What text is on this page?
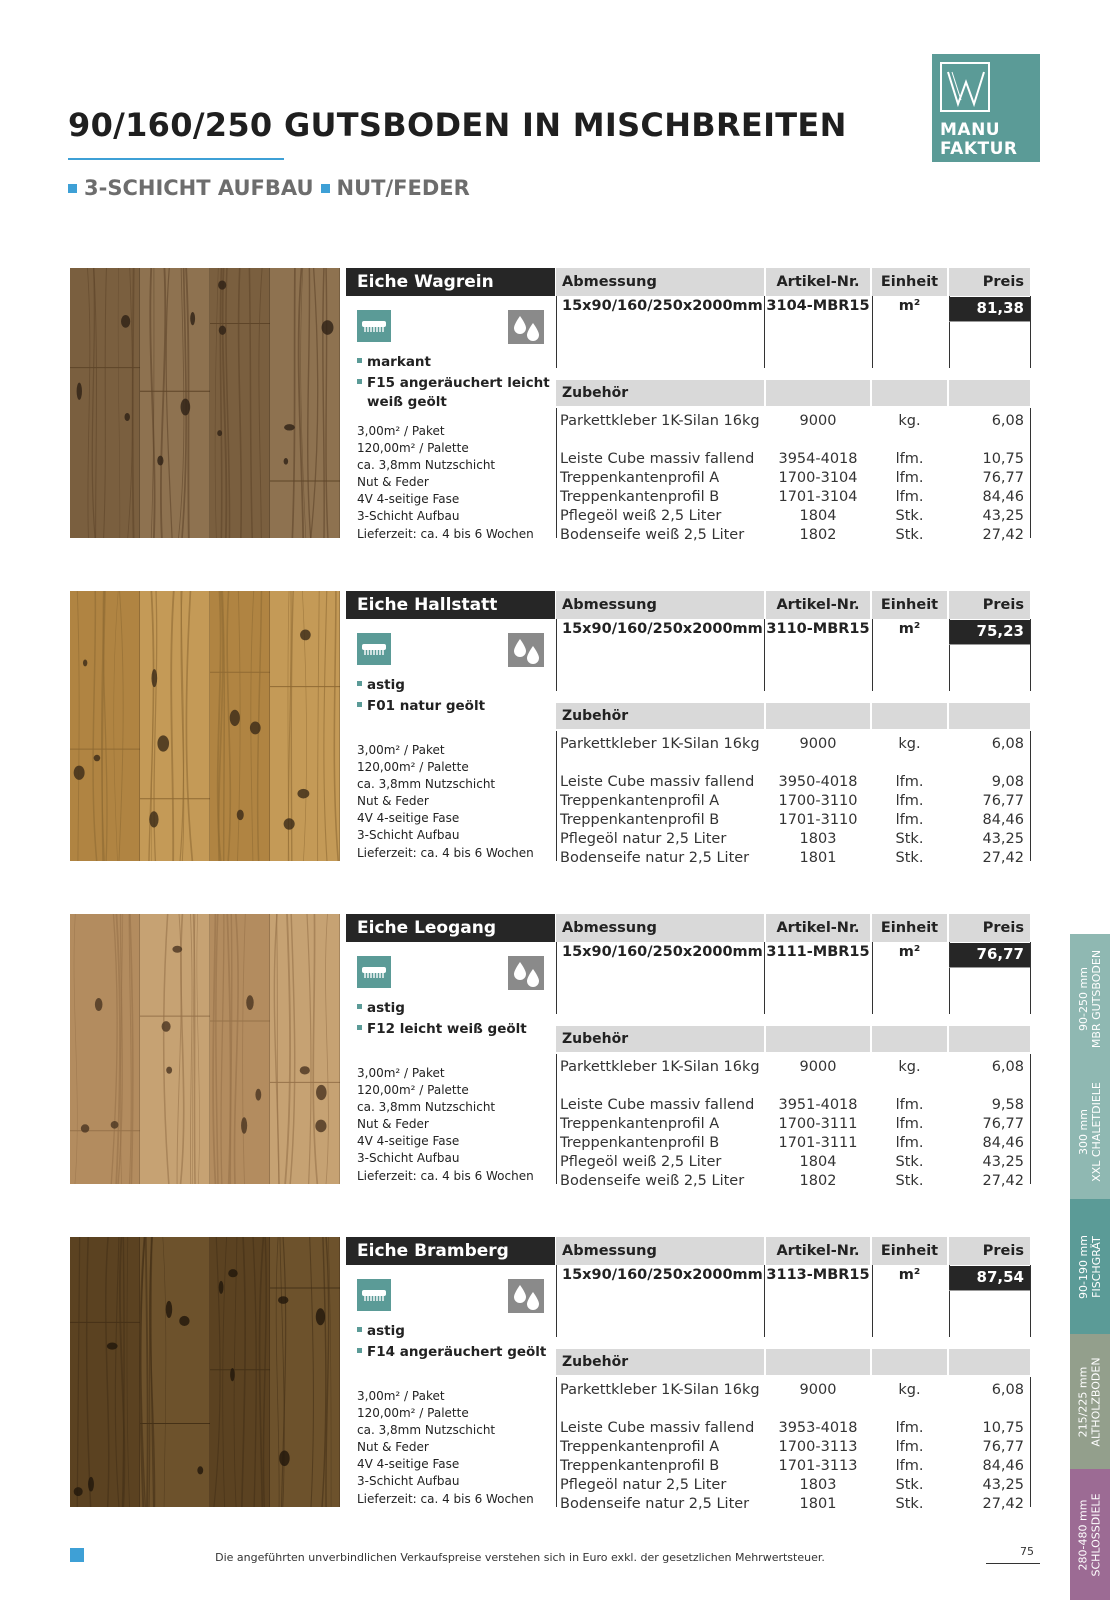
90/160/250 GUTSBODEN IN MISCHBREITEN
3-SCHICHT AUFBAU NUT/FEDER
MANU
FAKTUR
Eiche Wagrein
markant
F15 angeräuchert leicht
weiß geölt
3,00m² / Paket
120,00m² / Palette
ca. 3,8mm Nutzschicht
Nut & Feder
4V 4-seitige Fase
3-Schicht Aufbau
Lieferzeit: ca. 4 bis 6 Wochen
Abmessung	Artikel-Nr.	Einheit	Preis
15x90/160/250x2000mm 3104-MBR15	m²	81,38
Zubehör
Parkettkleber 1K-Silan 16kg	9000	kg.	6,08
Leiste Cube massiv fallend	3954-4018	lfm.	10,75
Treppenkantenprofil A	1700-3104	lfm.	76,77
Treppenkantenprofil B	1701-3104	lfm.	84,46
Pflegeöl weiß 2,5 Liter	1804	Stk.	43,25
Bodenseife weiß 2,5 Liter	1802	Stk.	27,42
Eiche Hallstatt
astig
F01 natur geölt
3,00m² / Paket
120,00m² / Palette
ca. 3,8mm Nutzschicht
Nut & Feder
4V 4-seitige Fase
3-Schicht Aufbau
Lieferzeit: ca. 4 bis 6 Wochen
Abmessung	Artikel-Nr.	Einheit	Preis
15x90/160/250x2000mm 3110-MBR15	m²	75,23
Zubehör
Parkettkleber 1K-Silan 16kg	9000	kg.	6,08
Leiste Cube massiv fallend	3950-4018	lfm.	9,08
Treppenkantenprofil A	1700-3110	lfm.	76,77
Treppenkantenprofil B	1701-3110	lfm.	84,46
Pflegeöl natur 2,5 Liter	1803	Stk.	43,25
Bodenseife natur 2,5 Liter	1801	Stk.	27,42
Eiche Leogang
astig
F12 leicht weiß geölt
3,00m² / Paket
120,00m² / Palette
ca. 3,8mm Nutzschicht
Nut & Feder
4V 4-seitige Fase
3-Schicht Aufbau
Lieferzeit: ca. 4 bis 6 Wochen
Abmessung	Artikel-Nr.	Einheit	Preis
15x90/160/250x2000mm 3111-MBR15	m²	76,77
Zubehör
Parkettkleber 1K-Silan 16kg	9000	kg.	6,08
Leiste Cube massiv fallend	3951-4018	lfm.	9,58
Treppenkantenprofil A	1700-3111	lfm.	76,77
Treppenkantenprofil B	1701-3111	lfm.	84,46
Pflegeöl weiß 2,5 Liter	1804	Stk.	43,25
Bodenseife weiß 2,5 Liter	1802	Stk.	27,42
Eiche Bramberg
astig
F14 angeräuchert geölt
3,00m² / Paket
120,00m² / Palette
ca. 3,8mm Nutzschicht
Nut & Feder
4V 4-seitige Fase
3-Schicht Aufbau
Lieferzeit: ca. 4 bis 6 Wochen
Abmessung	Artikel-Nr.	Einheit	Preis
15x90/160/250x2000mm 3113-MBR15	m²	87,54
Zubehör
Parkettkleber 1K-Silan 16kg	9000	kg.	6,08
Leiste Cube massiv fallend	3953-4018	lfm.	10,75
Treppenkantenprofil A	1700-3113	lfm.	76,77
Treppenkantenprofil B	1701-3113	lfm.	84,46
Pflegeöl natur 2,5 Liter	1803	Stk.	43,25
Bodenseife natur 2,5 Liter	1801	Stk.	27,42
90-250 mm MBR GUTSBODEN
300 mm XXL CHALETDIELE
90-190 mm FISCHGRÄT
215/225 mm ALTHOLZBODEN
280-480 mm SCHLOSSDIELE
Die angeführten unverbindlichen Verkaufspreise verstehen sich in Euro exkl. der gesetzlichen Mehrwertsteuer.	75
